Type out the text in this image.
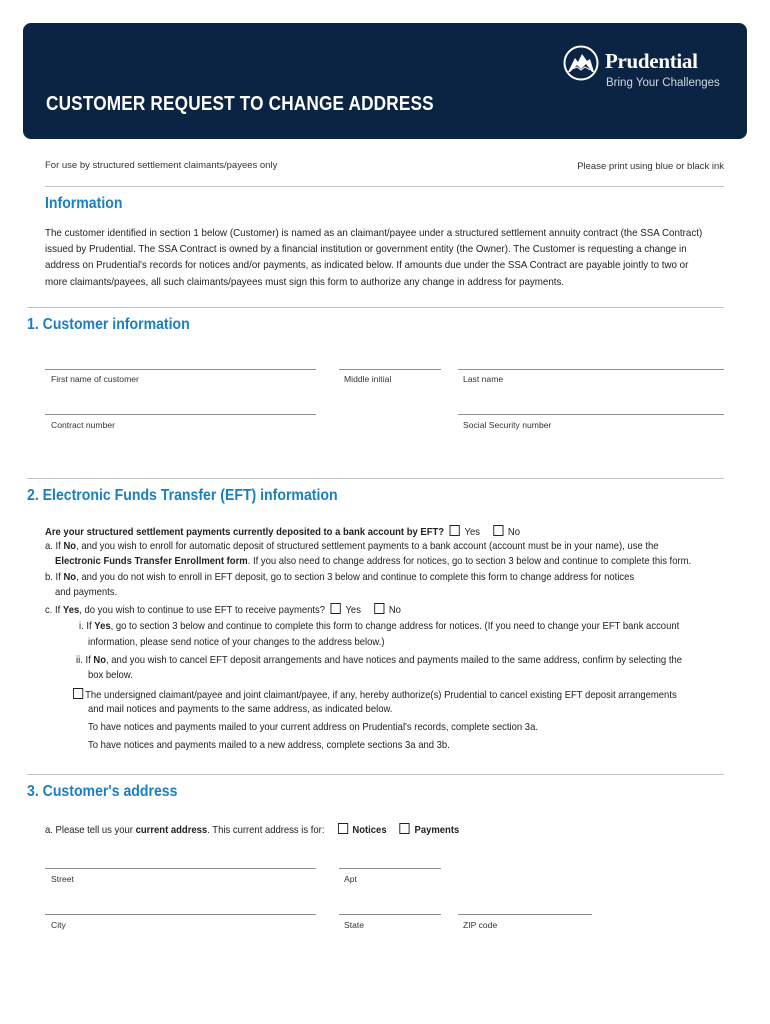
Prudential
Bring Your Challenges
CUSTOMER REQUEST TO CHANGE ADDRESS
For use by structured settlement claimants/payees only	Please print using blue or black ink
Information
The customer identified in section 1 below (Customer) is named as an claimant/payee under a structured settlement annuity contract (the SSA Contract) issued by Prudential. The SSA Contract is owned by a financial institution or government entity (the Owner). The Customer is requesting a change in address on Prudential's records for notices and/or payments, as indicated below. If amounts due under the SSA Contract are payable jointly to two or more claimants/payees, all such claimants/payees must sign this form to authorize any change in address for payments.
1. Customer information
First name of customer	Middle initial	Last name
Contract number	Social Security number
2. Electronic Funds Transfer (EFT) information
Are your structured settlement payments currently deposited to a bank account by EFT? Yes	No
a. If No, and you wish to enroll for automatic deposit of structured settlement payments to a bank account (account must be in your name), use the
Electronic Funds Transfer Enrollment form. If you also need to change address for notices, go to section 3 below and continue to complete this form.
b. If No, and you do not wish to enroll in EFT deposit, go to section 3 below and continue to complete this form to change address for notices
and payments.
c. If Yes, do you wish to continue to use EFT to receive payments? Yes	No
i. If Yes, go to section 3 below and continue to complete this form to change address for notices. (If you need to change your EFT bank account
information, please send notice of your changes to the address below.)
ii. If No, and you wish to cancel EFT deposit arrangements and have notices and payments mailed to the same address, confirm by selecting the
box below.
The undersigned claimant/payee and joint claimant/payee, if any, hereby authorize(s) Prudential to cancel existing EFT deposit arrangements
and mail notices and payments to the same address, as indicated below.
To have notices and payments mailed to your current address on Prudential's records, complete section 3a.
To have notices and payments mailed to a new address, complete sections 3a and 3b.
3. Customer's address
a. Please tell us your current address. This current address is for:	Notices	Payments
Street	Apt
City	State	ZIP code
